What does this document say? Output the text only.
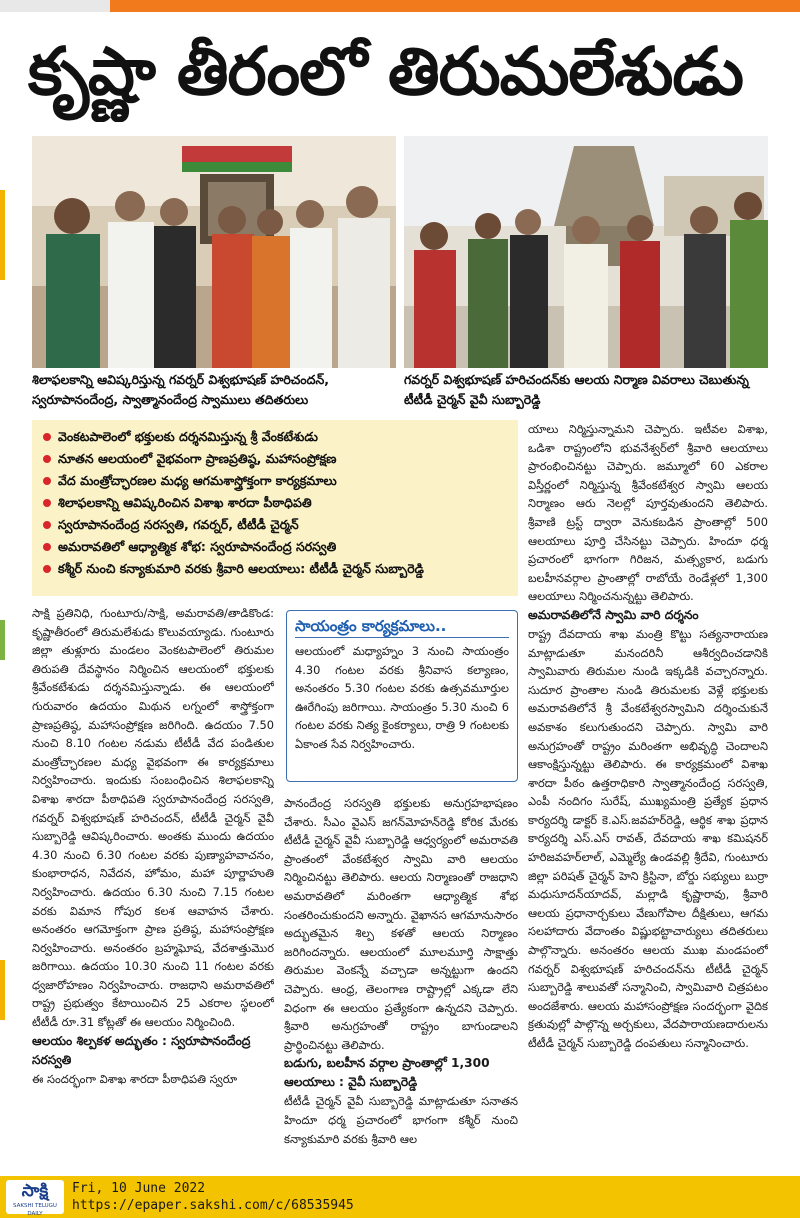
కృష్ణా తీరంలో తిరుమలేశుడు
శిలాఫలకాన్ని ఆవిష్కరిస్తున్న గవర్నర్‌ విశ్వభూషణ్‌ హరిచందన్‌, స్వరూపానందేంద్ర, స్వాత్మానందేంద్ర స్వాములు తదితరులు
గవర్నర్‌ విశ్వభూషణ్‌ హరిచందన్‌కు ఆలయ నిర్మాణ వివరాలు చెబుతున్న టీటీడీ చైర్మన్‌ వైవీ సుబ్బారెడ్డి
వెంకటపాలెంలో భక్తులకు దర్శనమిస్తున్న శ్రీ వేంకటేశుడు
నూతన ఆలయంలో వైభవంగా ప్రాణప్రతిష్ఠ, మహాసంప్రోక్షణ
వేద మంత్రోచ్ఛారణల మధ్య ఆగమశాస్త్రోక్తంగా కార్యక్రమాలు
శిలాఫలకాన్ని ఆవిష్కరించిన విశాఖ శారదా పీఠాధిపతి
స్వరూపానందేంద్ర సరస్వతి, గవర్నర్‌, టీటీడీ చైర్మన్‌
అమరావతిలో ఆధ్యాత్మిక శోభ: స్వరూపానందేంద్ర సరస్వతి
కశ్మీర్‌ నుంచి కన్యాకుమారి వరకు శ్రీవారి ఆలయాలు: టీటీడీ చైర్మన్‌ సుబ్బారెడ్డి

సాక్షి ప్రతినిధి, గుంటూరు/సాక్షి, అమరావతి/తాడికొండ: కృష్ణాతీరంలో తిరుమలేశుడు కొలువయ్యాడు. గుంటూరు జిల్లా తుళ్లూరు మండలం వెంకటపాలెంలో తిరుమల తిరుపతి దేవస్థానం నిర్మించిన ఆలయంలో భక్తులకు శ్రీవేంకటేశుడు దర్శనమిస్తున్నాడు. ఈ ఆలయంలో గురువారం ఉదయం మిథున లగ్నంలో శాస్త్రోక్తంగా ప్రాణప్రతిష్ఠ, మహాసంప్రోక్షణ జరిగింది. ఉదయం 7.50 నుంచి 8.10 గంటల నడుమ టీటీడీ వేద పండితుల మంత్రోచ్ఛారణల మధ్య వైభవంగా ఈ కార్యక్రమాలు నిర్వహించారు. ఇందుకు సంబంధించిన శిలాఫలకాన్ని విశాఖ శారదా పీఠాధిపతి స్వరూపానందేంద్ర సరస్వతి, గవర్నర్‌ విశ్వభూషణ్‌ హరిచందన్‌, టీటీడీ చైర్మన్‌ వైవీ సుబ్బారెడ్డి ఆవిష్కరించారు. అంతకు ముందు ఉదయం 4.30 నుంచి 6.30 గంటల వరకు పుణ్యాహవాచనం, కుంభారాధన, నివేదన, హోమం, మహా పూర్ణాహుతి నిర్వహించారు. ఉదయం 6.30 నుంచి 7.15 గంటల వరకు విమాన గోపుర కలశ ఆవాహన చేశారు. అనంతరం ఆగమోక్తంగా ప్రాణ ప్రతిష్ఠ, మహాసంప్రోక్షణ నిర్వహించారు. అనంతరం బ్రహ్మఘోష, వేదశాత్తుమొర జరిగాయి. ఉదయం 10.30 నుంచి 11 గంటల వరకు ధ్వజారోహణం నిర్వహించారు. రాజధాని అమరావతిలో రాష్ట్ర ప్రభుత్వం కేటాయించిన 25 ఎకరాల స్థలంలో టీటీడీ రూ.31 కోట్లతో ఈ ఆలయం నిర్మించింది.

ఆలయం శిల్పకళ అద్భుతం : స్వరూపానందేంద్ర సరస్వతి

ఈ సందర్భంగా విశాఖ శారదా పీఠాధిపతి స్వరూ

సాయంత్రం కార్యక్రమాలు..
ఆలయంలో మధ్యాహ్నం 3 నుంచి సాయంత్రం 4.30 గంటల వరకు శ్రీనివాస కల్యాణం, అనంతరం 5.30 గంటల వరకు ఉత్సవమూర్తుల ఊరేగింపు జరిగాయి. సాయంత్రం 5.30 నుంచి 6 గంటల వరకు నిత్య కైంకర్యాలు, రాత్రి 9 గంటలకు ఏకాంత సేవ నిర్వహించారు.

పానందేంద్ర సరస్వతి భక్తులకు అనుగ్రహభాషణం చేశారు. సీఎం వైఎస్‌ జగన్‌మోహన్‌రెడ్డి కోరిక మేరకు టీటీడీ చైర్మన్‌ వైవీ సుబ్బారెడ్డి ఆధ్వర్యంలో అమరావతి ప్రాంతంలో వేంకటేశ్వర స్వామి వారి ఆలయం నిర్మించినట్టు తెలిపారు. ఆలయ నిర్మాణంతో రాజధాని అమరావతిలో మరింతగా ఆధ్యాత్మిక శోభ సంతరించుకుందని అన్నారు. వైఖానస ఆగమానుసారం అద్భుతమైన శిల్ప కళతో ఆలయ నిర్మాణం జరిగిందన్నారు. ఆలయంలో మూలమూర్తి సాక్షాత్తు తిరుమల వెంకన్నే వచ్చాడా అన్నట్టుగా ఉందని చెప్పారు. ఆంధ్ర, తెలంగాణ రాష్ట్రాల్లో ఎక్కడా లేని విధంగా ఈ ఆలయం ప్రత్యేకంగా ఉన్నదని చెప్పారు. శ్రీవారి అనుగ్రహంతో రాష్ట్రం బాగుండాలని ప్రార్థించినట్టు తెలిపారు.

బడుగు, బలహీన వర్గాల ప్రాంతాల్లో 1,300 ఆలయాలు : వైవీ సుబ్బారెడ్డి

టీటీడీ చైర్మన్‌ వైవీ సుబ్బారెడ్డి మాట్లాడుతూ సనాతన హిందూ ధర్మ ప్రచారంలో భాగంగా కశ్మీర్‌ నుంచి కన్యాకుమారి వరకు శ్రీవారి ఆల

యాలు నిర్మిస్తున్నామని చెప్పారు. ఇటీవల విశాఖ, ఒడిశా రాష్ట్రంలోని భువనేశ్వర్‌లో శ్రీవారి ఆలయాలు ప్రారంభించినట్టు చెప్పారు. జమ్మూలో 60 ఎకరాల విస్తీర్ణంలో నిర్మిస్తున్న శ్రీవేంకటేశ్వర స్వామి ఆలయ నిర్మాణం ఆరు నెలల్లో పూర్తవుతుందని తెలిపారు. శ్రీవాణి ట్రస్ట్‌ ద్వారా వెనుకబడిన ప్రాంతాల్లో 500 ఆలయాలు పూర్తి చేసినట్టు చెప్పారు. హిందూ ధర్మ ప్రచారంలో భాగంగా గిరిజన, మత్స్యకార, బడుగు బలహీనవర్గాల ప్రాంతాల్లో రాబోయే రెండేళ్లలో 1,300 ఆలయాలు నిర్మించనున్నట్టు తెలిపారు.

అమరావతిలోనే స్వామి వారి దర్శనం

రాష్ట్ర దేవదాయ శాఖ మంత్రి కొట్టు సత్యనారాయణ మాట్లాడుతూ మనందరినీ ఆశీర్వదించడానికి స్వామివారు తిరుమల నుండి ఇక్కడికి వచ్చారన్నారు. సుదూర ప్రాంతాల నుండి తిరుమలకు వెళ్లే భక్తులకు అమరావతిలోనే శ్రీ వేంకటేశ్వరస్వామిని దర్శించుకునే అవకాశం కలుగుతుందని చెప్పారు. స్వామి వారి అనుగ్రహంతో రాష్ట్రం మరింతగా అభివృద్ధి చెందాలని ఆకాంక్షిస్తున్నట్టు తెలిపారు. ఈ కార్యక్రమంలో విశాఖ శారదా పీఠం ఉత్తరాధికారి స్వాత్మానందేంద్ర సరస్వతి, ఎంపీ నందిగం సురేష్‌, ముఖ్యమంత్రి ప్రత్యేక ప్రధాన కార్యదర్శి డాక్టర్‌ కె.ఎస్‌.జవహర్‌రెడ్డి, ఆర్థిక శాఖ ప్రధాన కార్యదర్శి ఎస్‌.ఎస్‌ రావత్‌, దేవదాయ శాఖ కమిషనర్‌ హరిజవహర్‌లాల్‌, ఎమ్మెల్యే ఉండవల్లి శ్రీదేవి, గుంటూరు జిల్లా పరిషత్‌ చైర్మన్‌ హెని క్రిస్టినా, బోర్డు సభ్యులు బుర్రా మధుసూదన్‌యాదవ్‌, మల్లాడి కృష్ణారావు, శ్రీవారి ఆలయ ప్రధానార్చకులు వేణుగోపాల దీక్షితులు, ఆగమ సలహాదారు వేదాంతం విష్ణుభట్టాచార్యులు తదితరులు పాల్గొన్నారు. అనంతరం ఆలయ ముఖ మండపంలో గవర్నర్‌ విశ్వభూషణ్‌ హరిచందన్‌ను టీటీడీ చైర్మన్‌ సుబ్బారెడ్డి శాలువతో సన్మానించి, స్వామివారి చిత్రపటం అందజేశారు. ఆలయ మహాసంప్రోక్షణ సందర్భంగా వైదిక క్రతువుల్లో పాల్గొన్న అర్చకులు, వేదపారాయణదారులను టీటీడీ చైర్మన్‌ సుబ్బారెడ్డి దంపతులు సన్మానించారు.

సాక్షి
SAKSHI TELUGU DAILY
Fri, 10 June 2022
https://epaper.sakshi.com/c/68535945
